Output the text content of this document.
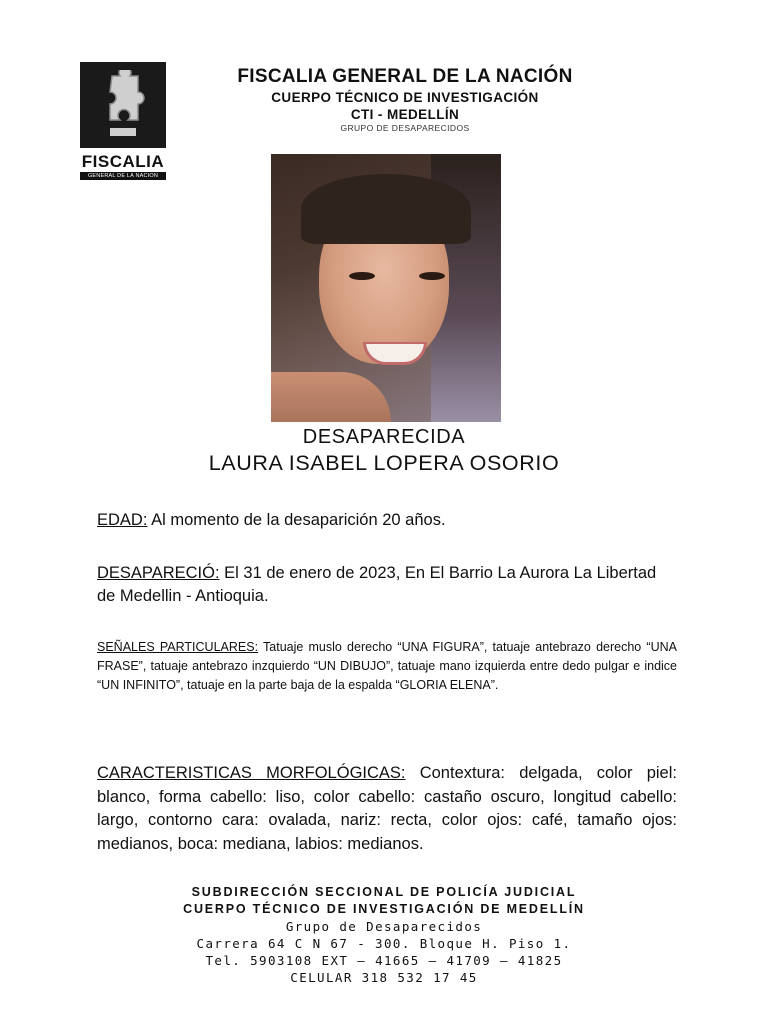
FISCALIA
GENERAL DE LA NACION

FISCALIA GENERAL DE LA NACIÓN

CUERPO TÉCNICO DE INVESTIGACIÓN

CTI - MEDELLÍN

GRUPO DE DESAPARECIDOS

DESAPARECIDA

LAURA ISABEL LOPERA OSORIO

EDAD: Al momento de la desaparición 20 años.

DESAPARECIÓ: El 31 de enero de 2023, En El Barrio La Aurora La Libertad de Medellin - Antioquia.

SEÑALES PARTICULARES: Tatuaje muslo derecho “UNA FIGURA”, tatuaje antebrazo derecho “UNA FRASE”, tatuaje antebrazo inzquierdo “UN DIBUJO”, tatuaje mano izquierda entre dedo pulgar e indice “UN INFINITO”, tatuaje en la parte baja de la espalda “GLORIA ELENA”.

CARACTERISTICAS MORFOLÓGICAS: Contextura: delgada, color piel: blanco, forma cabello: liso, color cabello: castaño oscuro, longitud cabello: largo, contorno cara: ovalada, nariz: recta, color ojos: café, tamaño ojos: medianos, boca: mediana, labios: medianos.

SUBDIRECCIÓN SECCIONAL DE POLICÍA JUDICIAL
CUERPO TÉCNICO DE INVESTIGACIÓN DE MEDELLÍN
Grupo de Desaparecidos
Carrera 64 C N 67 - 300. Bloque H. Piso 1.
Tel. 5903108 EXT – 41665 – 41709 – 41825
CELULAR 318 532 17 45
